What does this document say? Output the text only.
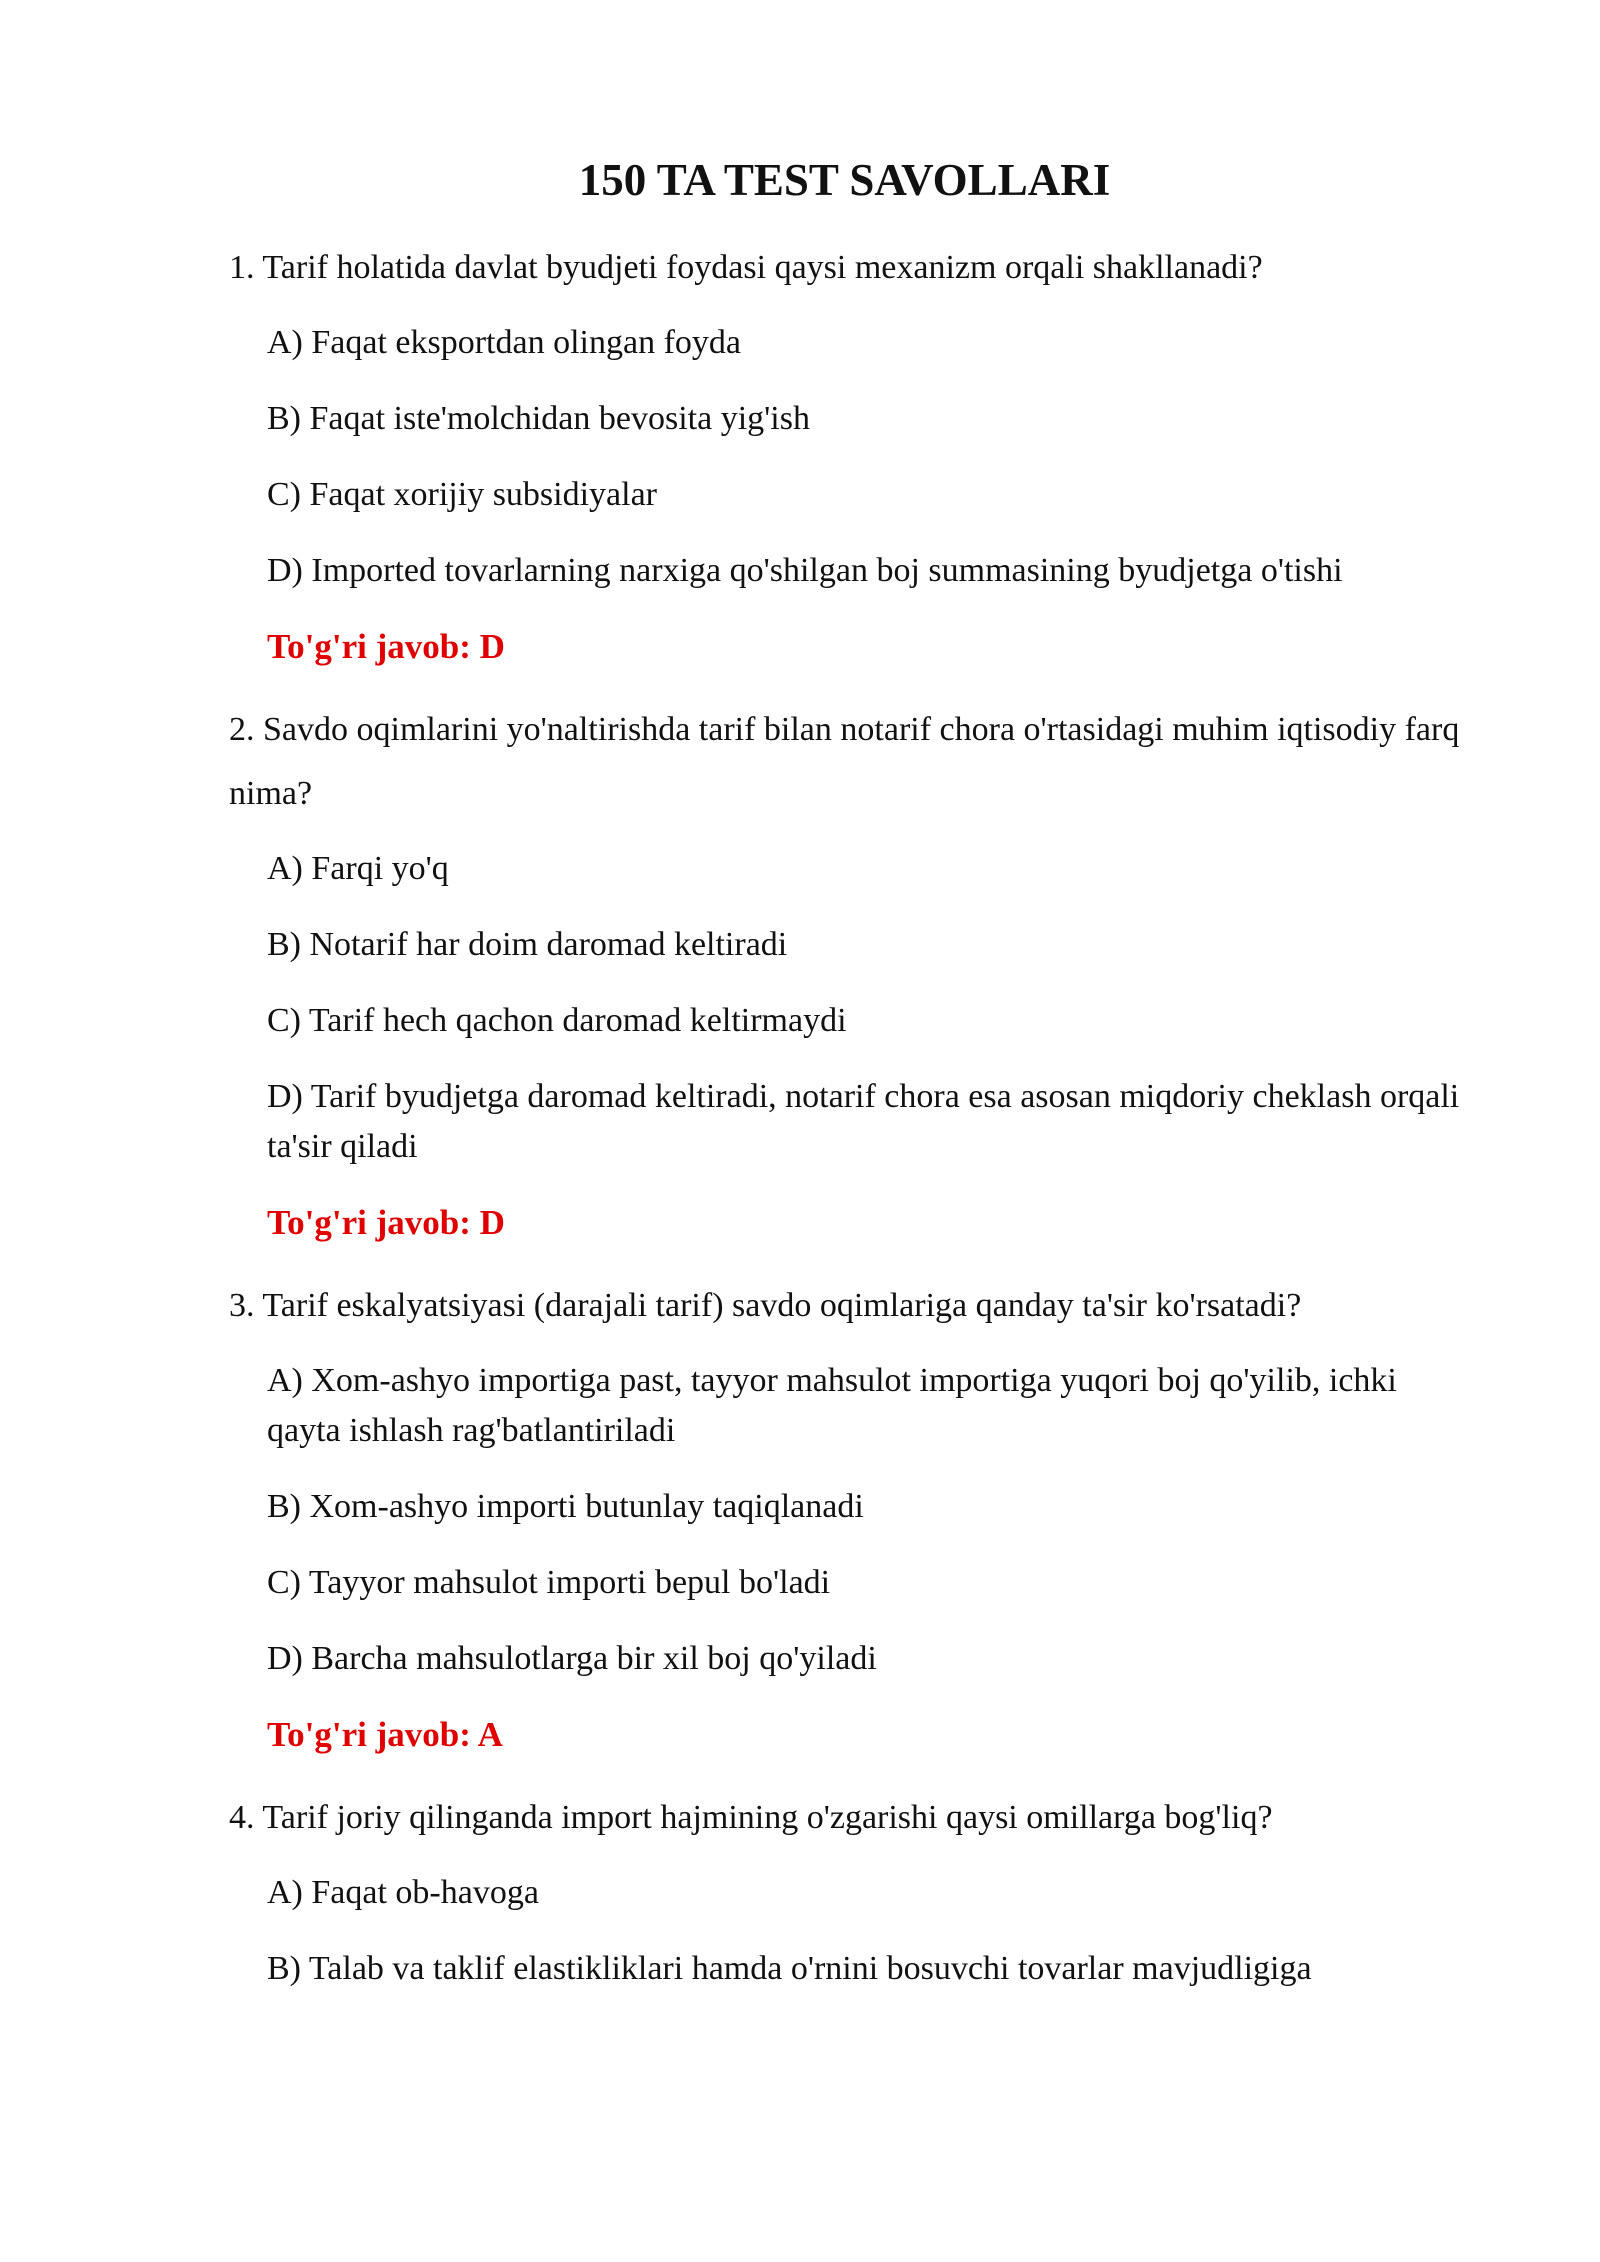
150 TA TEST SAVOLLARI
1. Tarif holatida davlat byudjeti foydasi qaysi mexanizm orqali shakllanadi?
A) Faqat eksportdan olingan foyda
B) Faqat iste'molchidan bevosita yig'ish
C) Faqat xorijiy subsidiyalar
D) Imported tovarlarning narxiga qo'shilgan boj summasining byudjetga o'tishi
To'g'ri javob: D
2. Savdo oqimlarini yo'naltirishda tarif bilan notarif chora o'rtasidagi muhim iqtisodiy farq nima?
A) Farqi yo'q
B) Notarif har doim daromad keltiradi
C) Tarif hech qachon daromad keltirmaydi
D) Tarif byudjetga daromad keltiradi, notarif chora esa asosan miqdoriy cheklash orqali ta'sir qiladi
To'g'ri javob: D
3. Tarif eskalyatsiyasi (darajali tarif) savdo oqimlariga qanday ta'sir ko'rsatadi?
A) Xom-ashyo importiga past, tayyor mahsulot importiga yuqori boj qo'yilib, ichki qayta ishlash rag'batlantiriladi
B) Xom-ashyo importi butunlay taqiqlanadi
C) Tayyor mahsulot importi bepul bo'ladi
D) Barcha mahsulotlarga bir xil boj qo'yiladi
To'g'ri javob: A
4. Tarif joriy qilinganda import hajmining o'zgarishi qaysi omillarga bog'liq?
A) Faqat ob-havoga
B) Talab va taklif elastikliklari hamda o'rnini bosuvchi tovarlar mavjudligiga
